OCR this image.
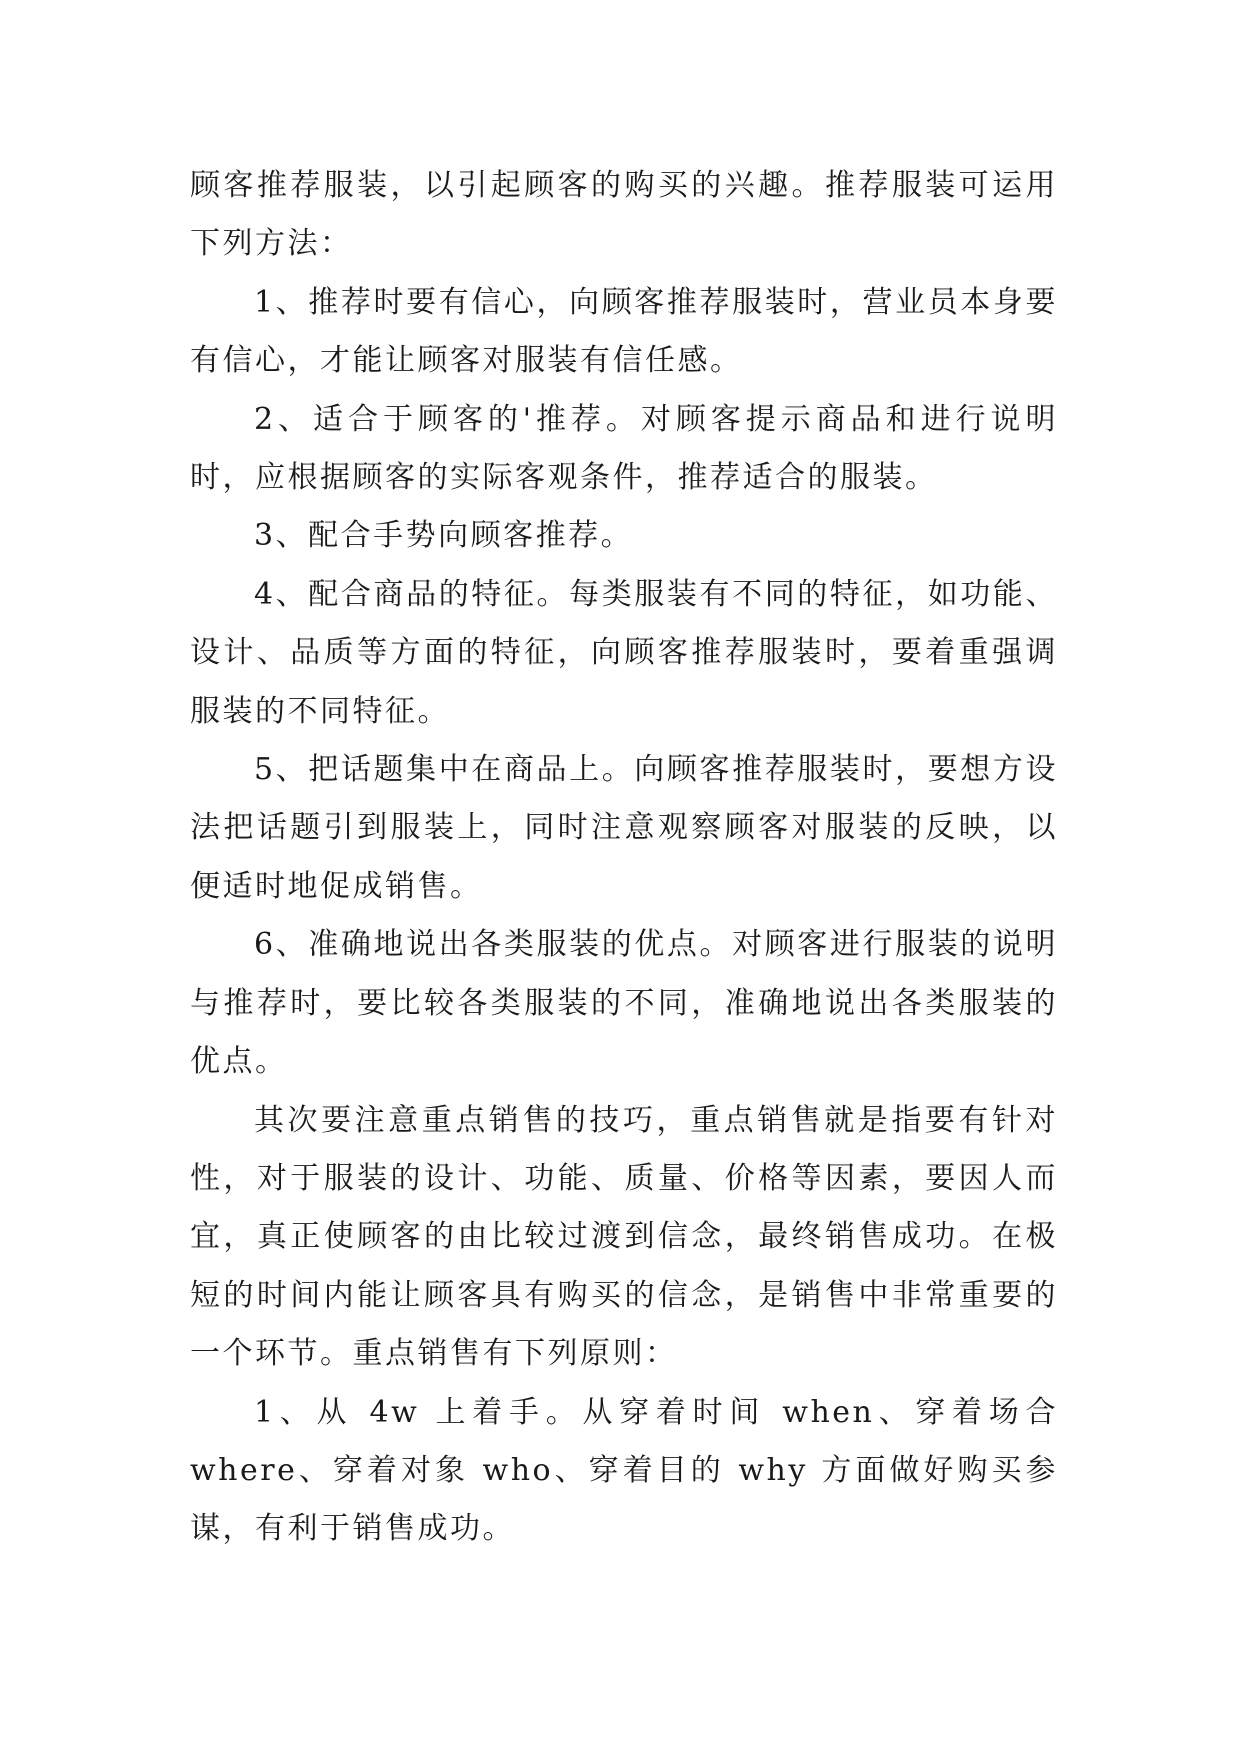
顾客推荐服装，以引起顾客的购买的兴趣。推荐服装可运用下列方法：

1、推荐时要有信心，向顾客推荐服装时，营业员本身要有信心，才能让顾客对服装有信任感。

2、适合于顾客的'推荐。对顾客提示商品和进行说明时，应根据顾客的实际客观条件，推荐适合的服装。

3、配合手势向顾客推荐。

4、配合商品的特征。每类服装有不同的特征，如功能、设计、品质等方面的特征，向顾客推荐服装时，要着重强调服装的不同特征。

5、把话题集中在商品上。向顾客推荐服装时，要想方设法把话题引到服装上，同时注意观察顾客对服装的反映，以便适时地促成销售。

6、准确地说出各类服装的优点。对顾客进行服装的说明与推荐时，要比较各类服装的不同，准确地说出各类服装的优点。

其次要注意重点销售的技巧，重点销售就是指要有针对性，对于服装的设计、功能、质量、价格等因素，要因人而宜，真正使顾客的由比较过渡到信念，最终销售成功。在极短的时间内能让顾客具有购买的信念，是销售中非常重要的一个环节。重点销售有下列原则：

1、从 4w 上着手。从穿着时间 when、穿着场合 where、穿着对象 who、穿着目的 why 方面做好购买参谋，有利于销售成功。
